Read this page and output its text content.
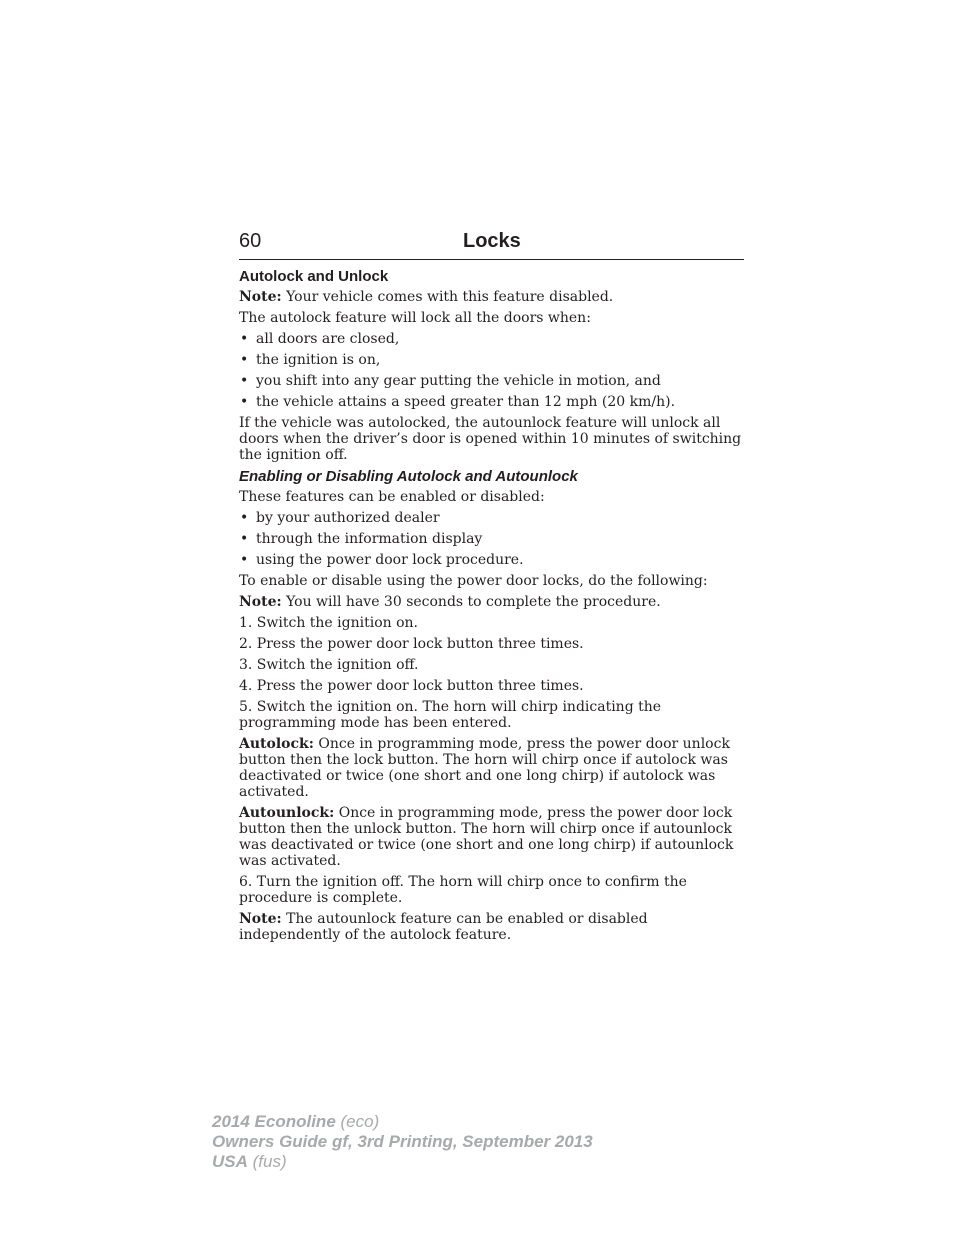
60	Locks
Autolock and Unlock

Note: Your vehicle comes with this feature disabled.

The autolock feature will lock all the doors when:

• all doors are closed,
• the ignition is on,
• you shift into any gear putting the vehicle in motion, and
• the vehicle attains a speed greater than 12 mph (20 km/h).

If the vehicle was autolocked, the autounlock feature will unlock all doors when the driver’s door is opened within 10 minutes of switching the ignition off.

Enabling or Disabling Autolock and Autounlock

These features can be enabled or disabled:

• by your authorized dealer
• through the information display
• using the power door lock procedure.

To enable or disable using the power door locks, do the following:

Note: You will have 30 seconds to complete the procedure.

1. Switch the ignition on.

2. Press the power door lock button three times.

3. Switch the ignition off.

4. Press the power door lock button three times.

5. Switch the ignition on. The horn will chirp indicating the programming mode has been entered.

Autolock: Once in programming mode, press the power door unlock button then the lock button. The horn will chirp once if autolock was deactivated or twice (one short and one long chirp) if autolock was activated.

Autounlock: Once in programming mode, press the power door lock button then the unlock button. The horn will chirp once if autounlock was deactivated or twice (one short and one long chirp) if autounlock was activated.

6. Turn the ignition off. The horn will chirp once to confirm the procedure is complete.

Note: The autounlock feature can be enabled or disabled independently of the autolock feature.

2014 Econoline (eco)
Owners Guide gf, 3rd Printing, September 2013
USA (fus)
